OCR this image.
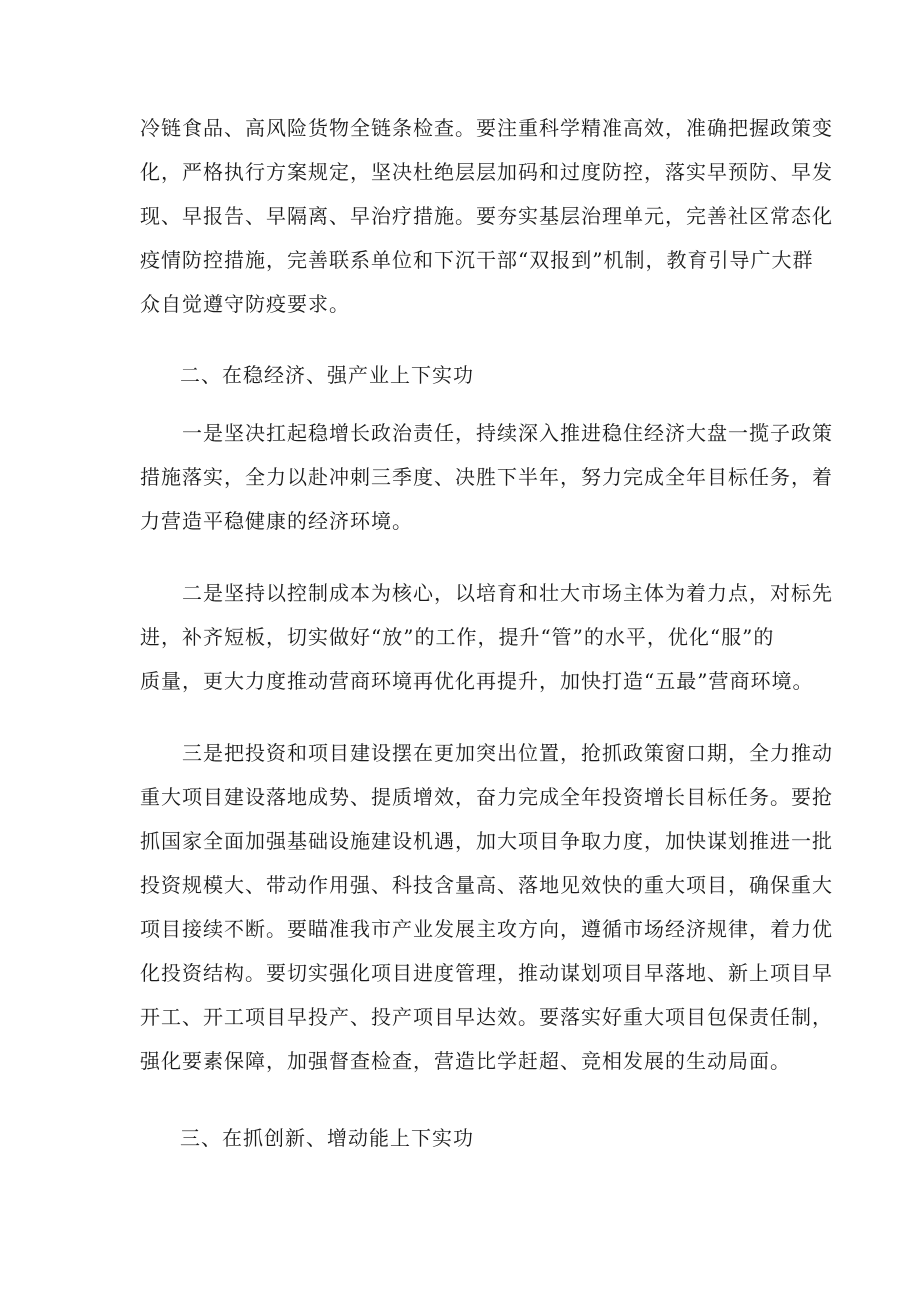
冷链食品、高风险货物全链条检查。要注重科学精准高效，准确把握政策变
化，严格执行方案规定，坚决杜绝层层加码和过度防控，落实早预防、早发
现、早报告、早隔离、早治疗措施。要夯实基层治理单元，完善社区常态化
疫情防控措施，完善联系单位和下沉干部“双报到”机制，教育引导广大群
众自觉遵守防疫要求。
二、在稳经济、强产业上下实功
　　一是坚决扛起稳增长政治责任，持续深入推进稳住经济大盘一揽子政策
措施落实，全力以赴冲刺三季度、决胜下半年，努力完成全年目标任务，着
力营造平稳健康的经济环境。
　　二是坚持以控制成本为核心，以培育和壮大市场主体为着力点，对标先
进，补齐短板，切实做好“放”的工作，提升“管”的水平，优化“服”的
质量，更大力度推动营商环境再优化再提升，加快打造“五最”营商环境。
　　三是把投资和项目建设摆在更加突出位置，抢抓政策窗口期，全力推动
重大项目建设落地成势、提质增效，奋力完成全年投资增长目标任务。要抢
抓国家全面加强基础设施建设机遇，加大项目争取力度，加快谋划推进一批
投资规模大、带动作用强、科技含量高、落地见效快的重大项目，确保重大
项目接续不断。要瞄准我市产业发展主攻方向，遵循市场经济规律，着力优
化投资结构。要切实强化项目进度管理，推动谋划项目早落地、新上项目早
开工、开工项目早投产、投产项目早达效。要落实好重大项目包保责任制，
强化要素保障，加强督查检查，营造比学赶超、竞相发展的生动局面。
三、在抓创新、增动能上下实功
